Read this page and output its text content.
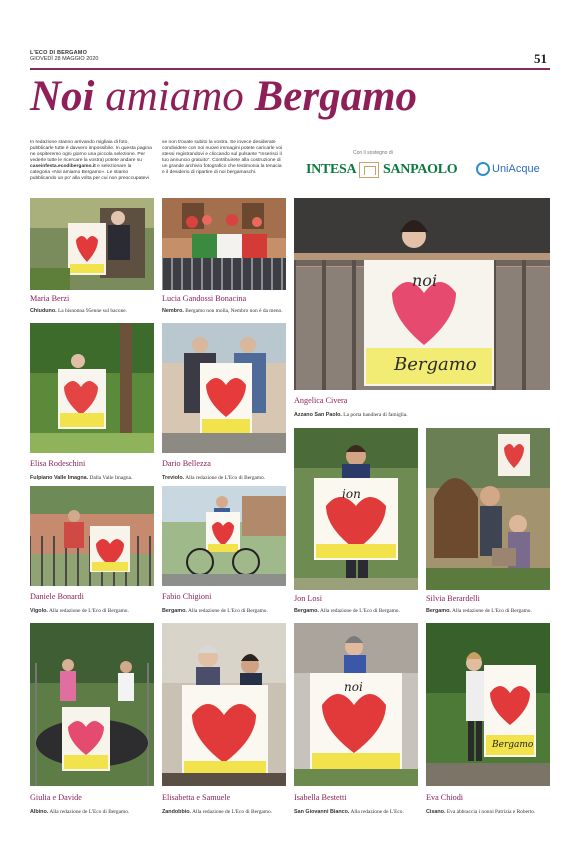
L'ECO DI BERGAMO
GIOVEDÌ 28 MAGGIO 2020	51
Noi amiamo Bergamo
In redazione stanno arrivando migliaia di foto, pubblicarle tutte è davvero impossibile. In questa pagina ne ospiteremo ogni giorno una piccola selezione. Per vederle tutte le ricercare la vostra) potete andare su caseinfesta.ecodibergamo.it e selezionare la categoria «Noi amiamo Bergamo». Le stiamo pubblicando un po' alla volta per cui non preoccupatevi
se non trovate subito la vostra. Se invece desiderate condividere con noi nuove immagini potete caricarle voi stessi registrandovi e cliccando sul pulsante "Inserisci il tuo annuncio gratuito". Contribuirete alla costruzione di un grande archivio fotografico che testimonia la tenacia e il desiderio di ripartire di noi bergamaschi.
Con il sostegno di
INTESA SANPAOLO	UniAcque
Maria Berzi
Chiuduno. La bisnonna 95enne sul bacone.
Lucia Gandossi Bonacina
Nembro. Bergamo non molla, Nembro non è da meno.
noi
Bergamo
Angelica Civera
Azzano San Paolo. La porta bandiera di famiglia.
Elisa Rodeschini
Fulpiano Valle Imagna. Dalla Valle Imagna.
Dario Bellezza
Treviolo. Alla redazione de L'Eco di Bergamo.
ion
Jon Losi
Bergamo. Alla redazione de L'Eco di Bergamo.
Silvia Berardelli
Bergamo. Alla redazione de L'Eco di Bergamo.
Daniele Bonardi
Vigolo. Alla redazione de L'Eco di Bergamo.
Fabio Chigioni
Bergamo. Alla redazione de L'Eco di Bergamo.
Giulia e Davide
Albino. Alla redazione de L'Eco di Bergamo.
Elisabetta e Samuele
Zandobbio. Alla redazione de L'Eco di Bergamo.
noi
Isabella Bestetti
San Giovanni Bianco. Alla redazione de L'Eco.
Bergamo
Eva Chiodi
Cisano. Eva abbraccia i nonni Patrizia e Roberto.
